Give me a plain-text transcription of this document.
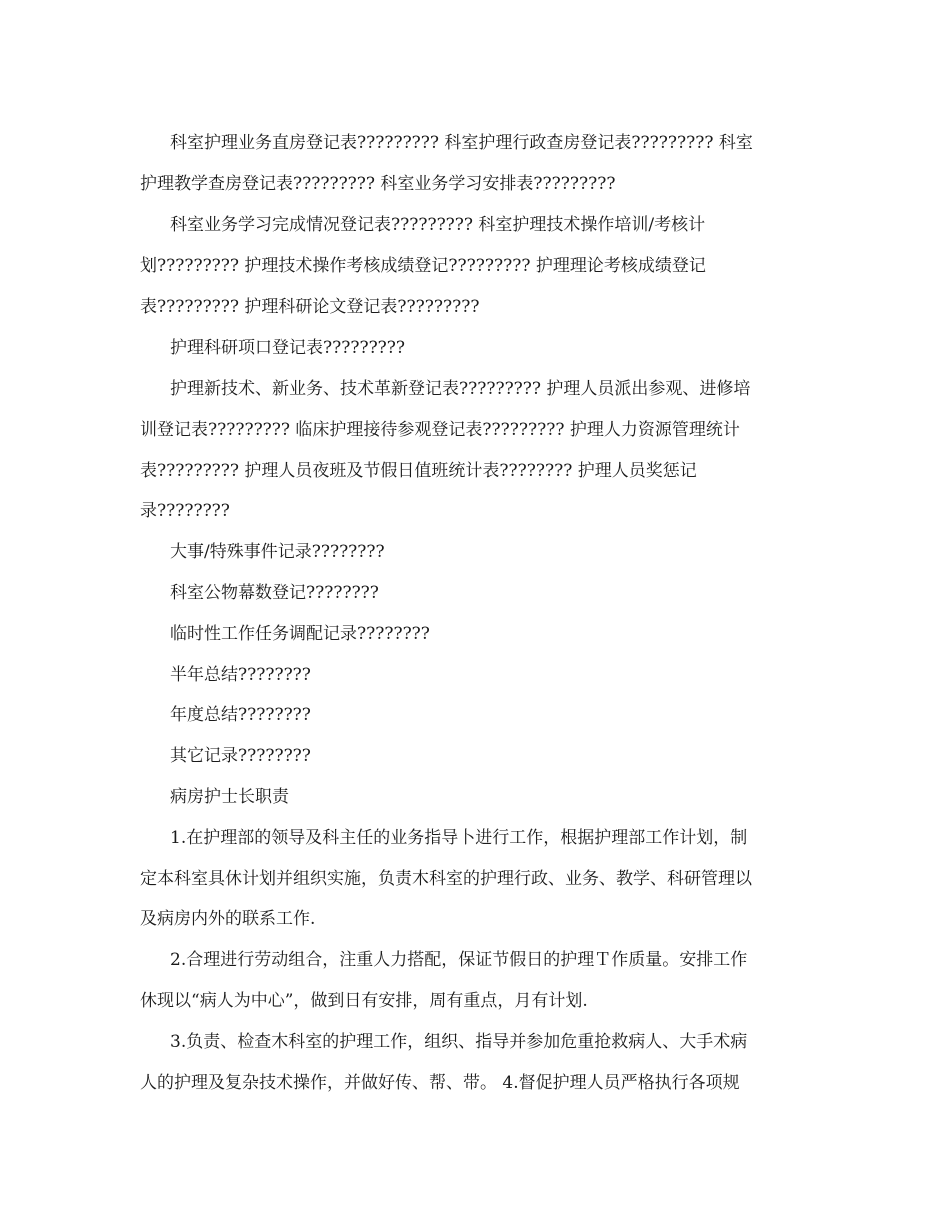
科室护理业务直房登记表????????? 科室护理行政查房登记表????????? 科室
护理教学查房登记表????????? 科室业务学习安排表?????????
科室业务学习完成情况登记表????????? 科室护理技术操作培训/考核计
划????????? 护理技术操作考核成绩登记????????? 护理理论考核成绩登记
表????????? 护理科研论文登记表?????????
护理科研项口登记表?????????
护理新技术、新业务、技术革新登记表????????? 护理人员派出参观、进修培
训登记表????????? 临床护理接待参观登记表????????? 护理人力资源管理统计
表????????? 护理人员夜班及节假日值班统计表???????? 护理人员奖惩记
录????????
大事/特殊事件记录????????
科室公物幕数登记????????
临时性工作任务调配记录????????
半年总结????????
年度总结????????
其它记录????????
病房护士长职责
1.在护理部的领导及科主任的业务指导卜进行工作，根据护理部工作计划，制
定本科室具休计划并组织实施，负责木科室的护理行政、业务、教学、科研管理以
及病房内外的联系工作.
2.合理进行劳动组合，注重人力搭配，保证节假日的护理Ｔ作质量。安排工作
休现以“病人为中心”，做到日有安排，周有重点，月有计划.
3.负责、检查木科室的护理工作，组织、指导并参加危重抢救病人、大手术病
人的护理及复杂技术操作，并做好传、帮、带。 4.督促护理人员严格执行各项规
